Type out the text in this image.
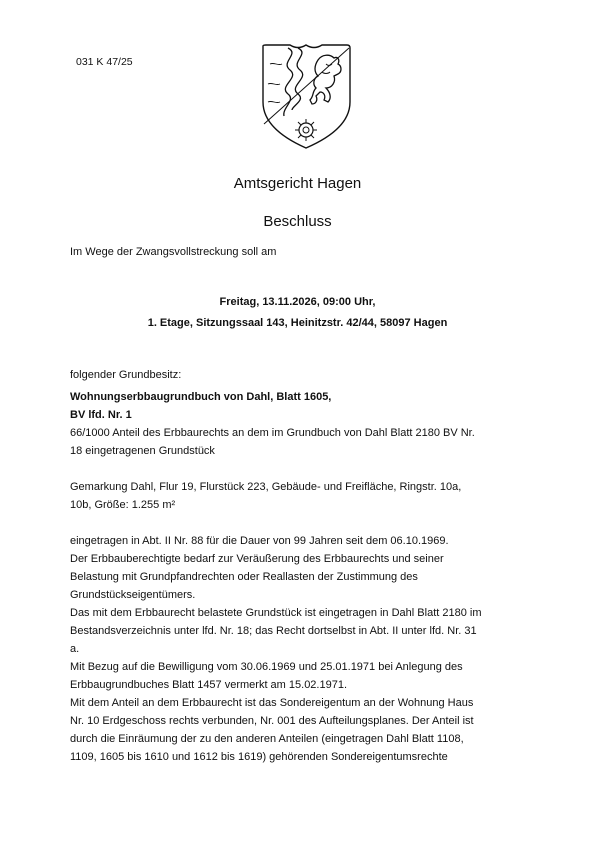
031 K 47/25
Amtsgericht Hagen
Beschluss
Im Wege der Zwangsvollstreckung soll am
Freitag, 13.11.2026, 09:00 Uhr,
1. Etage, Sitzungssaal 143, Heinitzstr. 42/44, 58097 Hagen
folgender Grundbesitz:
Wohnungserbbaugrundbuch von Dahl, Blatt 1605,
BV lfd. Nr. 1
66/1000 Anteil des Erbbaurechts an dem im Grundbuch von Dahl Blatt 2180 BV Nr.
18 eingetragenen Grundstück
Gemarkung Dahl, Flur 19, Flurstück 223, Gebäude- und Freifläche, Ringstr. 10a,
10b, Größe: 1.255 m²
eingetragen in Abt. II Nr. 88 für die Dauer von 99 Jahren seit dem 06.10.1969.
Der Erbbauberechtigte bedarf zur Veräußerung des Erbbaurechts und seiner
Belastung mit Grundpfandrechten oder Reallasten der Zustimmung des
Grundstückseigentümers.
Das mit dem Erbbaurecht belastete Grundstück ist eingetragen in Dahl Blatt 2180 im
Bestandsverzeichnis unter lfd. Nr. 18; das Recht dortselbst in Abt. II unter lfd. Nr. 31
a.
Mit Bezug auf die Bewilligung vom 30.06.1969 und 25.01.1971 bei Anlegung des
Erbbaugrundbuches Blatt 1457 vermerkt am 15.02.1971.
Mit dem Anteil an dem Erbbaurecht ist das Sondereigentum an der Wohnung Haus
Nr. 10 Erdgeschoss rechts verbunden, Nr. 001 des Aufteilungsplanes. Der Anteil ist
durch die Einräumung der zu den anderen Anteilen (eingetragen Dahl Blatt 1108,
1109, 1605 bis 1610 und 1612 bis 1619) gehörenden Sondereigentumsrechte
